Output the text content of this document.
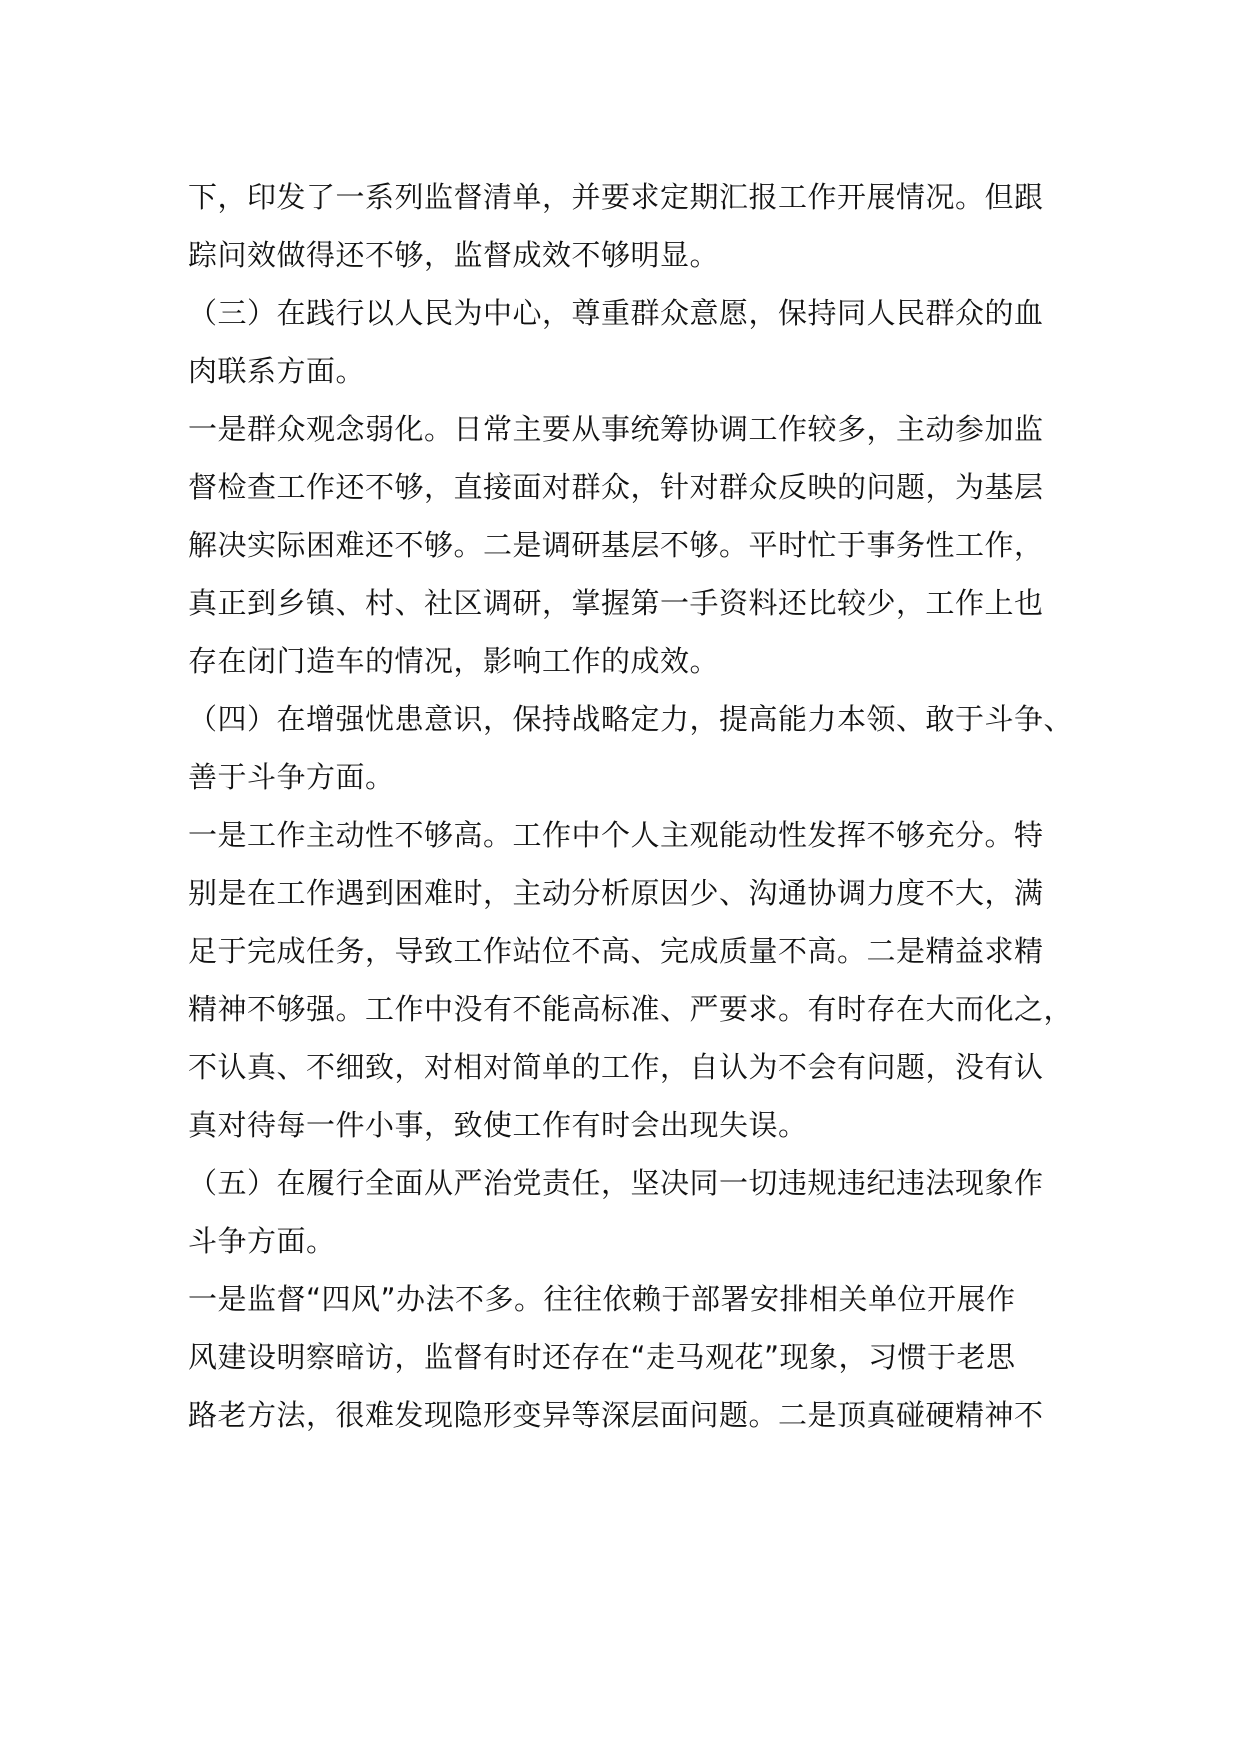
下，印发了一系列监督清单，并要求定期汇报工作开展情况。但跟
踪问效做得还不够，监督成效不够明显。
（三）在践行以人民为中心，尊重群众意愿，保持同人民群众的血
肉联系方面。
一是群众观念弱化。日常主要从事统筹协调工作较多，主动参加监
督检查工作还不够，直接面对群众，针对群众反映的问题，为基层
解决实际困难还不够。二是调研基层不够。平时忙于事务性工作，
真正到乡镇、村、社区调研，掌握第一手资料还比较少，工作上也
存在闭门造车的情况，影响工作的成效。
（四）在增强忧患意识，保持战略定力，提高能力本领、敢于斗争、
善于斗争方面。
一是工作主动性不够高。工作中个人主观能动性发挥不够充分。特
别是在工作遇到困难时，主动分析原因少、沟通协调力度不大，满
足于完成任务，导致工作站位不高、完成质量不高。二是精益求精
精神不够强。工作中没有不能高标准、严要求。有时存在大而化之，
不认真、不细致，对相对简单的工作，自认为不会有问题，没有认
真对待每一件小事，致使工作有时会出现失误。
（五）在履行全面从严治党责任，坚决同一切违规违纪违法现象作
斗争方面。
一是监督“四风”办法不多。往往依赖于部署安排相关单位开展作
风建设明察暗访，监督有时还存在“走马观花”现象，习惯于老思
路老方法，很难发现隐形变异等深层面问题。二是顶真碰硬精神不
